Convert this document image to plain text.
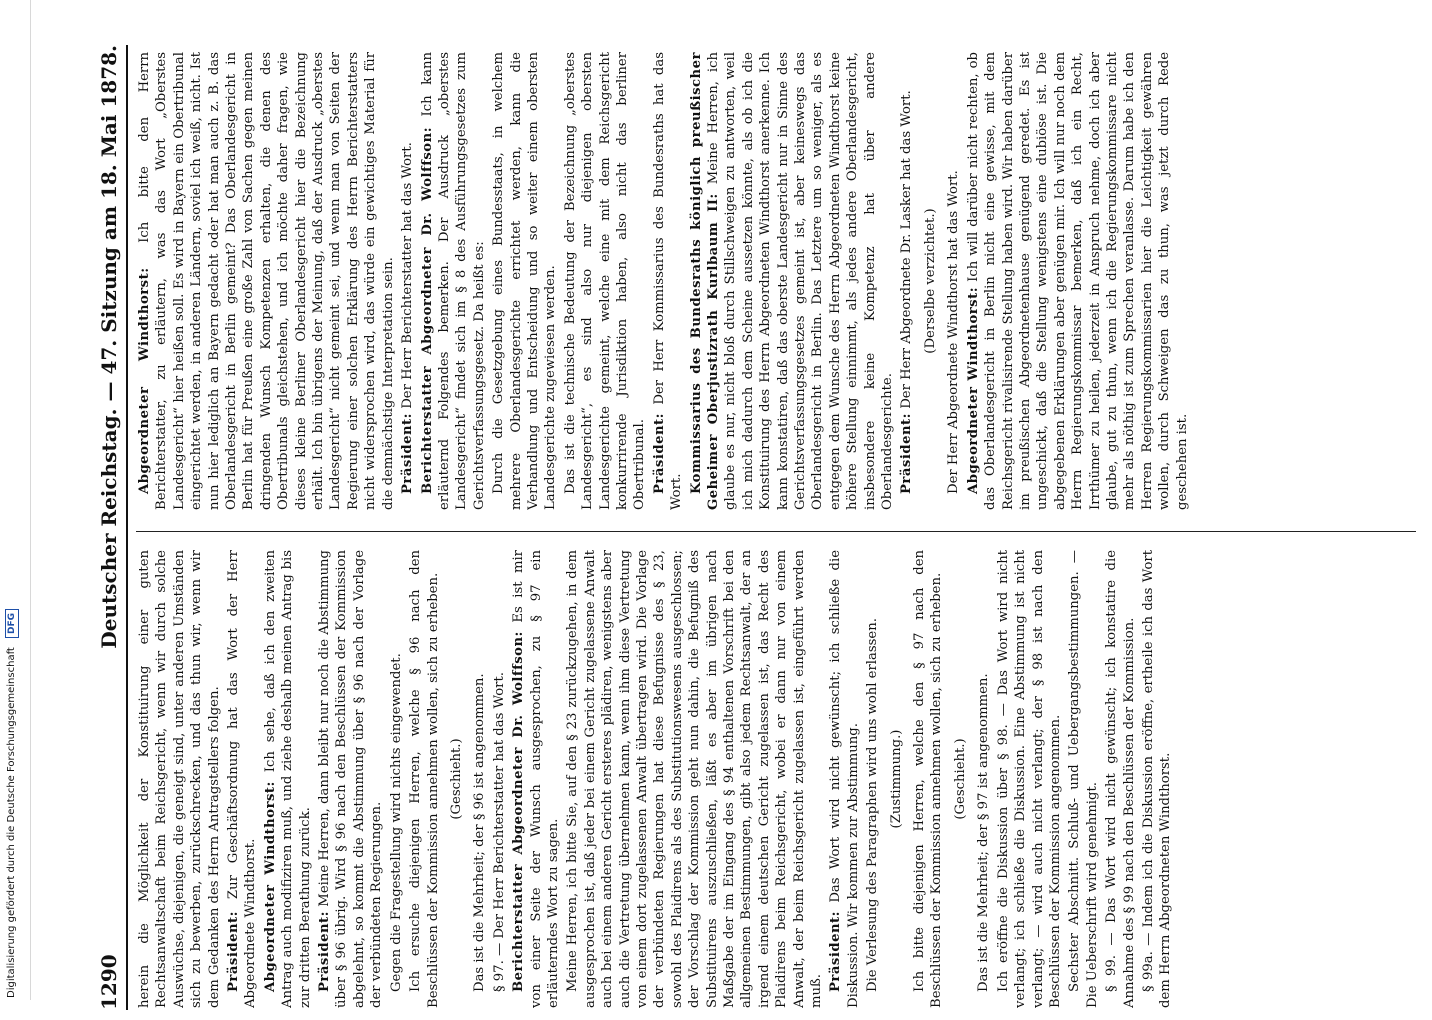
Digitalisierung gefördert durch die Deutsche Forschungsgemeinschaft DFG
1290
Deutscher Reichstag. — 47. Sitzung am 18. Mai 1878.

herein die Möglichkeit der Konstituirung einer guten Rechtsanwaltschaft beim Reichsgericht, wenn wir durch solche Auswüchse, diejenigen, die geneigt sind, unter anderen Umständen sich zu bewerben, zurückschrecken, und das thun wir, wenn wir dem Gedanken des Herrn Antragstellers folgen. Präsident: Zur Geschäftsordnung hat das Wort der Herr Abgeordnete Windthorst. Abgeordneter Windthorst: Ich sehe, daß ich den zweiten Antrag auch modifiziren muß, und ziehe deshalb meinen Antrag bis zur dritten Berathung zurück. Präsident: Meine Herren, dann bleibt nur noch die Abstimmung über § 96 übrig. Wird § 96 nach den Beschlüssen der Kommission abgelehnt, so kommt die Abstimmung über § 96 nach der Vorlage der verbündeten Regierungen. Gegen die Fragestellung wird nichts eingewendet. Ich ersuche diejenigen Herren, welche § 96 nach den Beschlüssen der Kommission annehmen wollen, sich zu erheben. (Geschieht.) Das ist die Mehrheit; der § 96 ist angenommen. § 97. — Der Herr Berichterstatter hat das Wort. Berichterstatter Abgeordneter Dr. Wolffson: Es ist mir von einer Seite der Wunsch ausgesprochen, zu § 97 ein erläuterndes Wort zu sagen. Meine Herren, ich bitte Sie, auf den § 23 zurückzugehen, in dem ausgesprochen ist, daß jeder bei einem Gericht zugelassene Anwalt auch bei einem anderen Gericht ersteres plädiren, wenigstens aber auch die Vertretung übernehmen kann, wenn ihm diese Vertretung von einem dort zugelassenen Anwalt übertragen wird. Die Vorlage der verbündeten Regierungen hat diese Befugnisse des § 23, sowohl des Plaidirens als des Substitutionswesens ausgeschlossen; der Vorschlag der Kommission geht nun dahin, die Befugniß des Substituirens auszuschließen, läßt es aber im übrigen nach Maßgabe der im Eingang des § 94 enthaltenen Vorschrift bei den allgemeinen Bestimmungen, gibt also jedem Rechtsanwalt, der an irgend einem deutschen Gericht zugelassen ist, das Recht des Plaidirens beim Reichsgericht, wobei er dann nur von einem Anwalt, der beim Reichsgericht zugelassen ist, eingeführt werden muß. Präsident: Das Wort wird nicht gewünscht; ich schließe die Diskussion. Wir kommen zur Abstimmung. Die Verlesung des Paragraphen wird uns wohl erlassen. (Zustimmung.) Ich bitte diejenigen Herren, welche den § 97 nach den Beschlüssen der Kommission annehmen wollen, sich zu erheben. (Geschieht.) Das ist die Mehrheit; der § 97 ist angenommen. Ich eröffne die Diskussion über § 98. — Das Wort wird nicht verlangt; ich schließe die Diskussion. Eine Abstimmung ist nicht verlangt; — wird auch nicht verlangt; der § 98 ist nach den Beschlüssen der Kommission angenommen. Sechster Abschnitt. Schluß- und Uebergangsbestimmungen. — Die Ueberschrift wird genehmigt. § 99. — Das Wort wird nicht gewünscht; ich konstatire die Annahme des § 99 nach den Beschlüssen der Kommission. § 99a. — Indem ich die Diskussion eröffne, ertheile ich das Wort dem Herrn Abgeordneten Windthorst.

Abgeordneter Windthorst: Ich bitte den Herrn Berichterstatter, zu erläutern, was das Wort „Oberstes Landesgericht“ hier heißen soll. Es wird in Bayern ein Obertribunal eingerichtet werden, in anderen Ländern, soviel ich weiß, nicht. Ist nun hier lediglich an Bayern gedacht oder hat man auch z. B. das Oberlandesgericht in Berlin gemeint? Das Oberlandesgericht in Berlin hat für Preußen eine große Zahl von Sachen gegen meinen dringenden Wunsch Kompetenzen erhalten, die denen des Obertribunals gleichstehen, und ich möchte daher fragen, wie dieses kleine Berliner Oberlandesgericht hier die Bezeichnung erhält. Ich bin übrigens der Meinung, daß der Ausdruck „oberstes Landesgericht“ nicht gemeint sei, und wenn man von Seiten der Regierung einer solchen Erklärung des Herrn Berichterstatters nicht widersprochen wird, das würde ein gewichtiges Material für die demnächstige Interpretation sein. Präsident: Der Herr Berichterstatter hat das Wort. Berichterstatter Abgeordneter Dr. Wolffson: Ich kann erläuternd Folgendes bemerken. Der Ausdruck „oberstes Landesgericht“ findet sich im § 8 des Ausführungsgesetzes zum Gerichtsverfassungsgesetz. Da heißt es: Durch die Gesetzgebung eines Bundesstaats, in welchem mehrere Oberlandesgerichte errichtet werden, kann die Verhandlung und Entscheidung und so weiter einem obersten Landesgerichte zugewiesen werden. Das ist die technische Bedeutung der Bezeichnung „oberstes Landesgericht“, es sind also nur diejenigen obersten Landesgerichte gemeint, welche eine mit dem Reichsgericht konkurrirende Jurisdiktion haben, also nicht das berliner Obertribunal. Präsident: Der Herr Kommissarius des Bundesraths hat das Wort. Kommissarius des Bundesraths königlich preußischer Geheimer Oberjustizrath Kurlbaum II: Meine Herren, ich glaube es nur, nicht bloß durch Stillschweigen zu antworten, weil ich mich dadurch dem Scheine aussetzen könnte, als ob ich die Konstituirung des Herrn Abgeordneten Windthorst anerkenne. Ich kann konstatiren, daß das oberste Landesgericht nur in Sinne des Gerichtsverfassungsgesetzes gemeint ist, aber keineswegs das Oberlandesgericht in Berlin. Das Letztere um so weniger, als es entgegen dem Wunsche des Herrn Abgeordneten Windthorst keine höhere Stellung einnimmt, als jedes andere Oberlandesgericht, insbesondere keine Kompetenz hat über andere Oberlandesgerichte. Präsident: Der Herr Abgeordnete Dr. Lasker hat das Wort. (Derselbe verzichtet.) Der Herr Abgeordnete Windthorst hat das Wort. Abgeordneter Windthorst: Ich will darüber nicht rechten, ob das Oberlandesgericht in Berlin nicht eine gewisse, mit dem Reichsgericht rivalisirende Stellung haben wird. Wir haben darüber im preußischen Abgeordnetenhause genügend geredet. Es ist ungeschickt, daß die Stellung wenigstens eine dubiöse ist. Die abgegebenen Erklärungen aber genügen mir. Ich will nur noch dem Herrn Regierungskommissar bemerken, daß ich ein Recht, Irrthümer zu heilen, jederzeit in Anspruch nehme, doch ich aber glaube, gut zu thun, wenn ich die Regierungskommissare nicht mehr als nöthig ist zum Sprechen veranlasse. Darum habe ich den Herren Regierungskommissarien hier die Leichtigkeit gewähren wollen, durch Schweigen das zu thun, was jetzt durch Rede geschehen ist.
